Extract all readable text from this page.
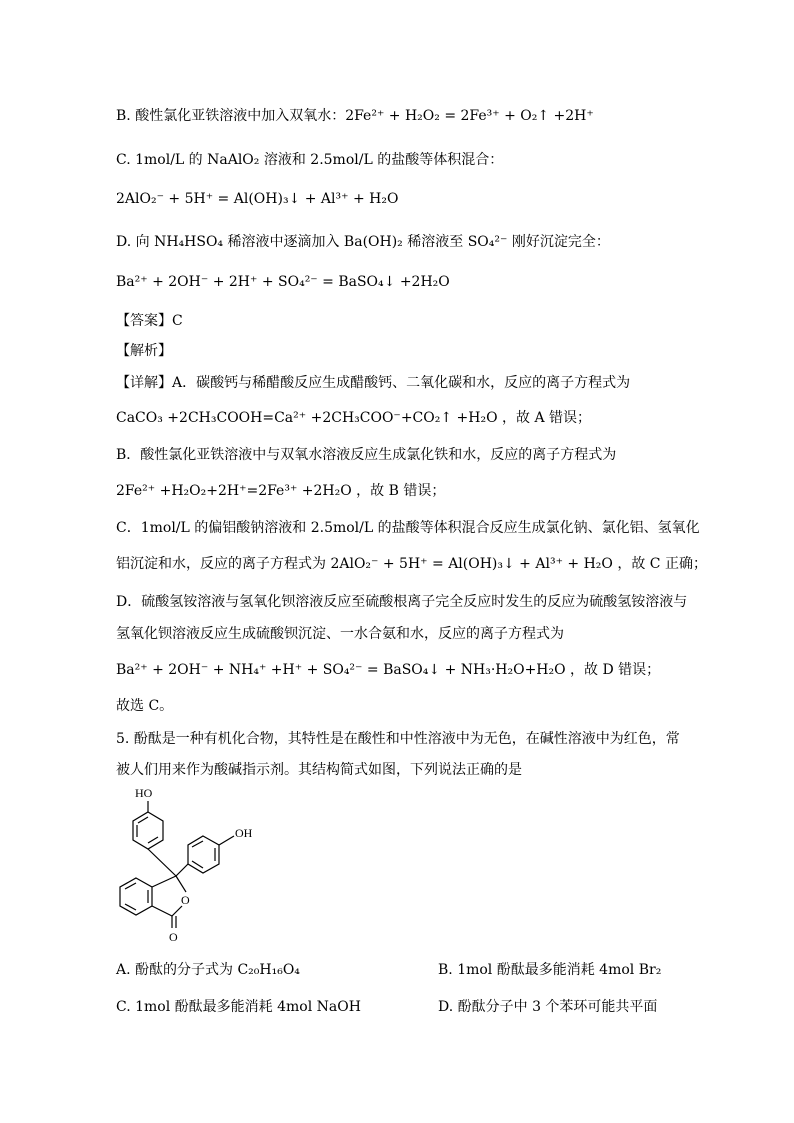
B. 酸性氯化亚铁溶液中加入双氧水：2Fe²⁺ + H₂O₂ = 2Fe³⁺ + O₂↑ +2H⁺
C. 1mol/L 的 NaAlO₂ 溶液和 2.5mol/L 的盐酸等体积混合：
2AlO₂⁻ + 5H⁺ = Al(OH)₃↓ + Al³⁺ + H₂O
D. 向 NH₄HSO₄ 稀溶液中逐滴加入 Ba(OH)₂ 稀溶液至 SO₄²⁻ 刚好沉淀完全：
Ba²⁺ + 2OH⁻ + 2H⁺ + SO₄²⁻ = BaSO₄↓ +2H₂O
【答案】C
【解析】
【详解】A．碳酸钙与稀醋酸反应生成醋酸钙、二氧化碳和水，反应的离子方程式为
CaCO₃ +2CH₃COOH=Ca²⁺ +2CH₃COO⁻+CO₂↑ +H₂O ，故 A 错误；
B．酸性氯化亚铁溶液中与双氧水溶液反应生成氯化铁和水，反应的离子方程式为
2Fe²⁺ +H₂O₂+2H⁺=2Fe³⁺ +2H₂O ，故 B 错误；
C．1mol/L 的偏铝酸钠溶液和 2.5mol/L 的盐酸等体积混合反应生成氯化钠、氯化铝、氢氧化
铝沉淀和水，反应的离子方程式为 2AlO₂⁻ + 5H⁺ = Al(OH)₃↓ + Al³⁺ + H₂O ，故 C 正确；
D．硫酸氢铵溶液与氢氧化钡溶液反应至硫酸根离子完全反应时发生的反应为硫酸氢铵溶液与
氢氧化钡溶液反应生成硫酸钡沉淀、一水合氨和水，反应的离子方程式为
Ba²⁺ + 2OH⁻ + NH₄⁺ +H⁺ + SO₄²⁻ = BaSO₄↓ + NH₃·H₂O+H₂O ，故 D 错误；
故选 C。
5. 酚酞是一种有机化合物，其特性是在酸性和中性溶液中为无色，在碱性溶液中为红色，常
被人们用来作为酸碱指示剂。其结构简式如图，下列说法正确的是
HO
OH
O
O
A. 酚酞的分子式为 C₂₀H₁₆O₄	B. 1mol 酚酞最多能消耗 4mol Br₂
C. 1mol 酚酞最多能消耗 4mol NaOH	D. 酚酞分子中 3 个苯环可能共平面
